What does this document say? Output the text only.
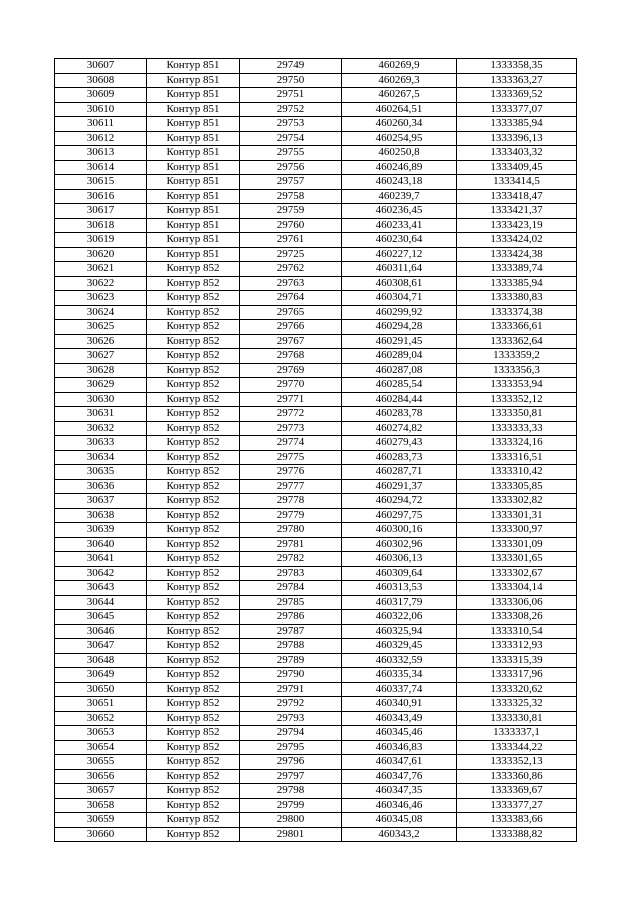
30607	Контур 851	29749	460269,9	1333358,35
30608	Контур 851	29750	460269,3	1333363,27
30609	Контур 851	29751	460267,5	1333369,52
30610	Контур 851	29752	460264,51	1333377,07
30611	Контур 851	29753	460260,34	1333385,94
30612	Контур 851	29754	460254,95	1333396,13
30613	Контур 851	29755	460250,8	1333403,32
30614	Контур 851	29756	460246,89	1333409,45
30615	Контур 851	29757	460243,18	1333414,5
30616	Контур 851	29758	460239,7	1333418,47
30617	Контур 851	29759	460236,45	1333421,37
30618	Контур 851	29760	460233,41	1333423,19
30619	Контур 851	29761	460230,64	1333424,02
30620	Контур 851	29725	460227,12	1333424,38
30621	Контур 852	29762	460311,64	1333389,74
30622	Контур 852	29763	460308,61	1333385,94
30623	Контур 852	29764	460304,71	1333380,83
30624	Контур 852	29765	460299,92	1333374,38
30625	Контур 852	29766	460294,28	1333366,61
30626	Контур 852	29767	460291,45	1333362,64
30627	Контур 852	29768	460289,04	1333359,2
30628	Контур 852	29769	460287,08	1333356,3
30629	Контур 852	29770	460285,54	1333353,94
30630	Контур 852	29771	460284,44	1333352,12
30631	Контур 852	29772	460283,78	1333350,81
30632	Контур 852	29773	460274,82	1333333,33
30633	Контур 852	29774	460279,43	1333324,16
30634	Контур 852	29775	460283,73	1333316,51
30635	Контур 852	29776	460287,71	1333310,42
30636	Контур 852	29777	460291,37	1333305,85
30637	Контур 852	29778	460294,72	1333302,82
30638	Контур 852	29779	460297,75	1333301,31
30639	Контур 852	29780	460300,16	1333300,97
30640	Контур 852	29781	460302,96	1333301,09
30641	Контур 852	29782	460306,13	1333301,65
30642	Контур 852	29783	460309,64	1333302,67
30643	Контур 852	29784	460313,53	1333304,14
30644	Контур 852	29785	460317,79	1333306,06
30645	Контур 852	29786	460322,06	1333308,26
30646	Контур 852	29787	460325,94	1333310,54
30647	Контур 852	29788	460329,45	1333312,93
30648	Контур 852	29789	460332,59	1333315,39
30649	Контур 852	29790	460335,34	1333317,96
30650	Контур 852	29791	460337,74	1333320,62
30651	Контур 852	29792	460340,91	1333325,32
30652	Контур 852	29793	460343,49	1333330,81
30653	Контур 852	29794	460345,46	1333337,1
30654	Контур 852	29795	460346,83	1333344,22
30655	Контур 852	29796	460347,61	1333352,13
30656	Контур 852	29797	460347,76	1333360,86
30657	Контур 852	29798	460347,35	1333369,67
30658	Контур 852	29799	460346,46	1333377,27
30659	Контур 852	29800	460345,08	1333383,66
30660	Контур 852	29801	460343,2	1333388,82
